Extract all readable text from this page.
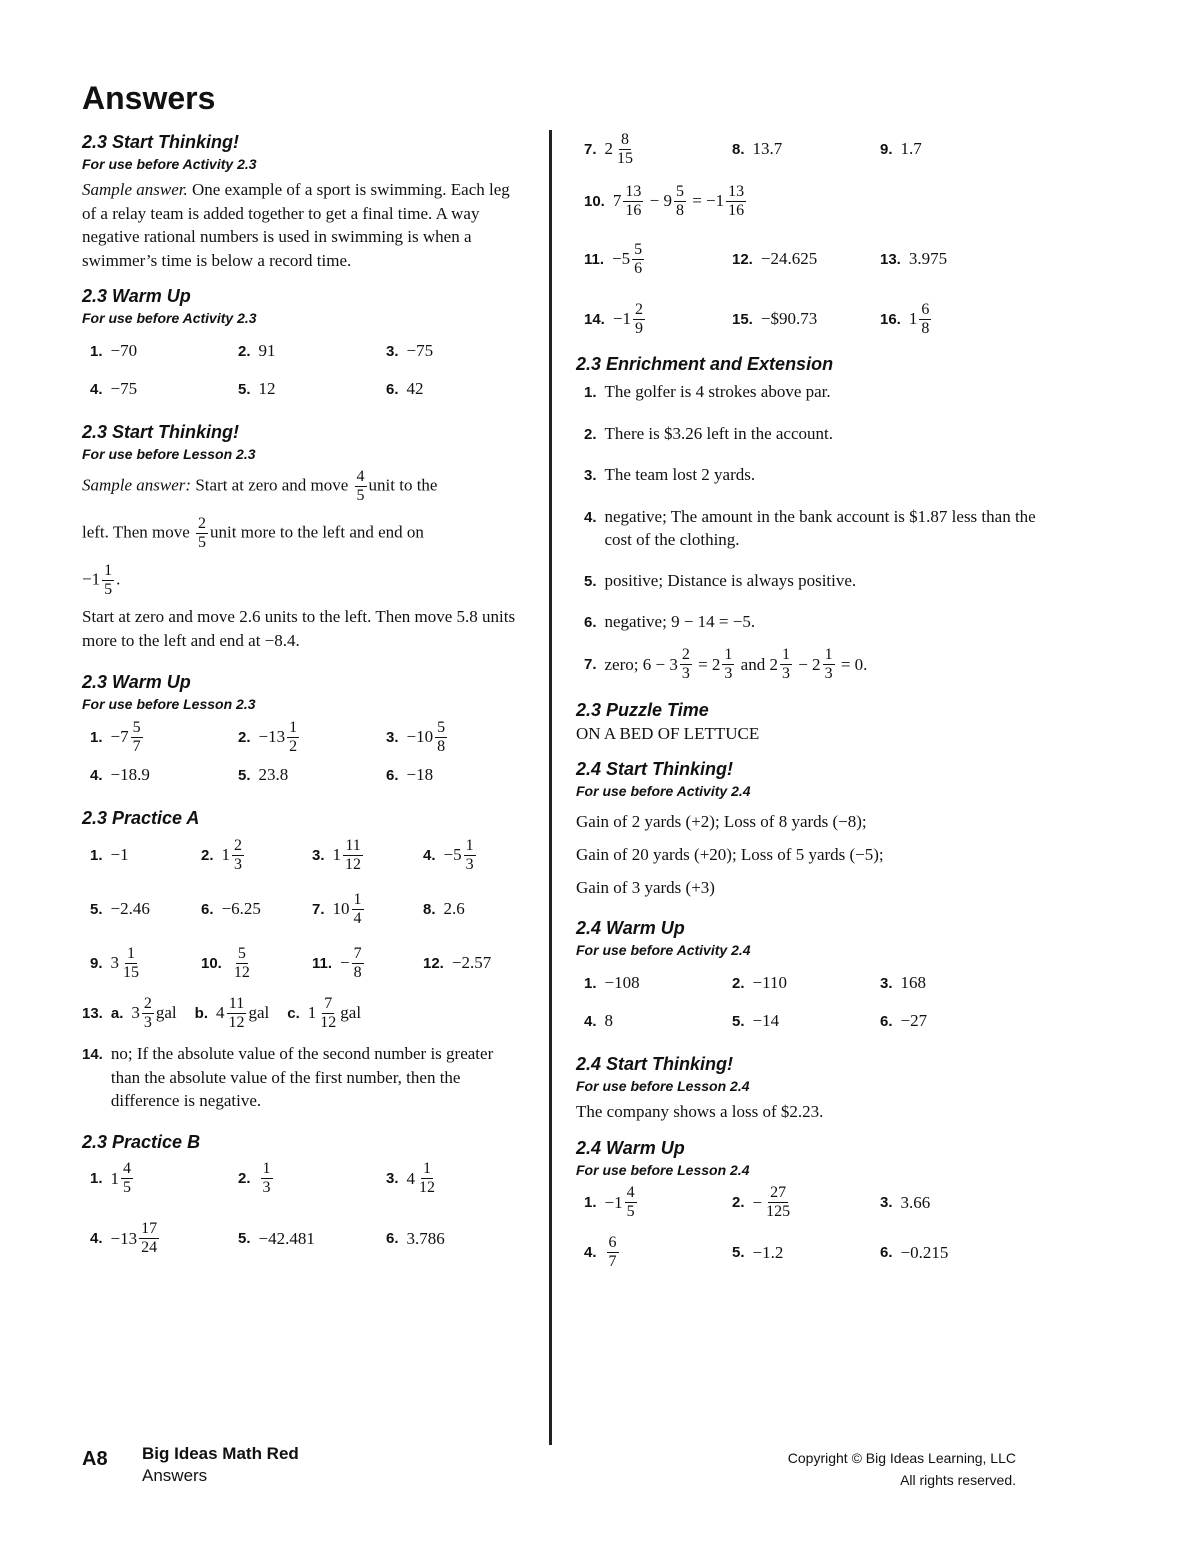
Answers

2.3 Start Thinking!

For use before Activity 2.3

Sample answer. One example of a sport is swimming. Each leg of a relay team is added together to get a final time. A way negative rational numbers is used in swimming is when a swimmer’s time is below a record time.

2.3 Warm Up

For use before Activity 2.3

1. −70	2. 91	3. −75
4. −75	5. 12	6. 42

2.3 Start Thinking!

For use before Lesson 2.3

Sample answer: Start at zero and move $\frac{4}{5}$ unit to the

left. Then move $\frac{2}{5}$ unit more to the left and end on

$-1 \frac{1}{5}$ .

Start at zero and move 2.6 units to the left. Then move 5.8 units more to the left and end at −8.4.

2.3 Warm Up

For use before Lesson 2.3

1. $-7 \frac{5}{7}$	2. $-13 \frac{1}{2}$	3. $-10 \frac{5}{8}$
4. −18.9	5. 23.8	6. −18

2.3 Practice A

1. −1	2. $1 \frac{2}{3}$	3. $1 \frac{11}{12}$	4. $-5 \frac{1}{3}$
5. −2.46	6. −6.25	7. $10 \frac{1}{4}$	8. 2.6
9. $3 \frac{1}{15}$	10. $\frac{5}{12}$	11. − $\frac{7}{8}$	12. −2.57
13. a. $3 \frac{2}{3}$ gal b. $4 \frac{11}{12}$ gal c. $1 \frac{7}{12}$ gal
14. no; If the absolute value of the second number is greater than the absolute value of the first number, then the difference is negative.

2.3 Practice B

1. $1 \frac{4}{5}$	2. $\frac{1}{3}$	3. $4 \frac{1}{12}$
4. $-13 \frac{17}{24}$	5. −42.481	6. 3.786
7. $2 \frac{8}{15}$	8. 13.7	9. 1.7
10. $7 \frac{13}{16} - 9 \frac{5}{8} = -1 \frac{13}{16}$
11. $-5 \frac{5}{6}$	12. −24.625	13. 3.975
14. $-1 \frac{2}{9}$	15. −$90.73	16. $1 \frac{6}{8}$

2.3 Enrichment and Extension

1. The golfer is 4 strokes above par.
2. There is $3.26 left in the account.
3. The team lost 2 yards.
4. negative; The amount in the bank account is $1.87 less than the cost of the clothing.
5. positive; Distance is always positive.
6. negative; 9 − 14 = −5.
7. zero; $6 - 3 \frac{2}{3} = 2 \frac{1}{3}$ and $2 \frac{1}{3} - 2 \frac{1}{3} = 0$.

2.3 Puzzle Time

ON A BED OF LETTUCE

2.4 Start Thinking!

For use before Activity 2.4

Gain of 2 yards (+2); Loss of 8 yards (−8);

Gain of 20 yards (+20); Loss of 5 yards (−5);

Gain of 3 yards (+3)

2.4 Warm Up

For use before Activity 2.4

1. −108	2. −110	3. 168
4. 8	5. −14	6. −27

2.4 Start Thinking!

For use before Lesson 2.4

The company shows a loss of $2.23.

2.4 Warm Up

For use before Lesson 2.4

1. $-1 \frac{4}{5}$	2. − $\frac{27}{125}$	3. 3.66
4. $\frac{6}{7}$	5. −1.2	6. −0.215
A8 Big Ideas Math Red
Answers
Copyright © Big Ideas Learning, LLC
All rights reserved.
